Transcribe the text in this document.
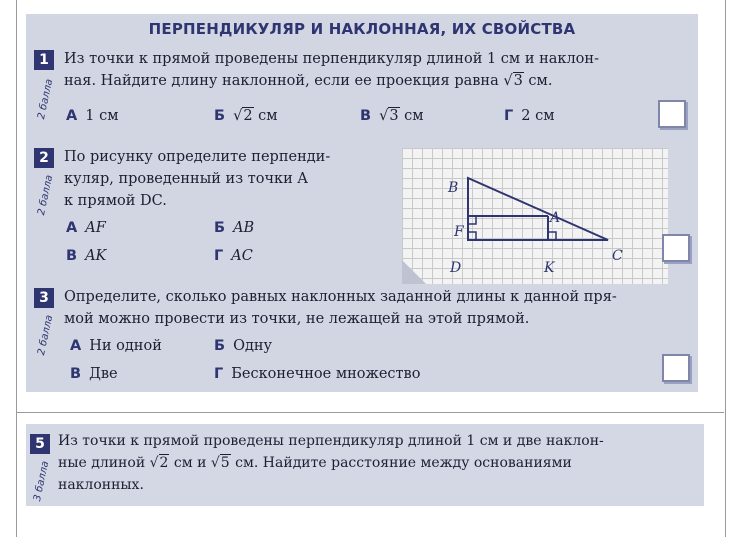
ПЕРПЕНДИКУЛЯР И НАКЛОННАЯ, ИХ СВОЙСТВА
1
2 балла
Из точки к прямой проведены перпендикуляр длиной 1 см и наклон-
ная. Найдите длину наклонной, если ее проекция равна √3 см.
А 1 см	Б √2 см	В √3 см	Г 2 см
2
2 балла
По рисунку определите перпенди-
куляр, проведенный из точки A
к прямой DC.
А AF	Б AB
В AK	Г AC
B
A
F
D	K
C
3
2 балла
Определите, сколько равных наклонных заданной длины к данной пря-
мой можно провести из точки, не лежащей на этой прямой.
А Ни одной	Б Одну
В Две	Г Бесконечное множество
5
3 балла
Из точки к прямой проведены перпендикуляр длиной 1 см и две наклон-
ные длиной √2 см и √5 см. Найдите расстояние между основаниями
наклонных.
